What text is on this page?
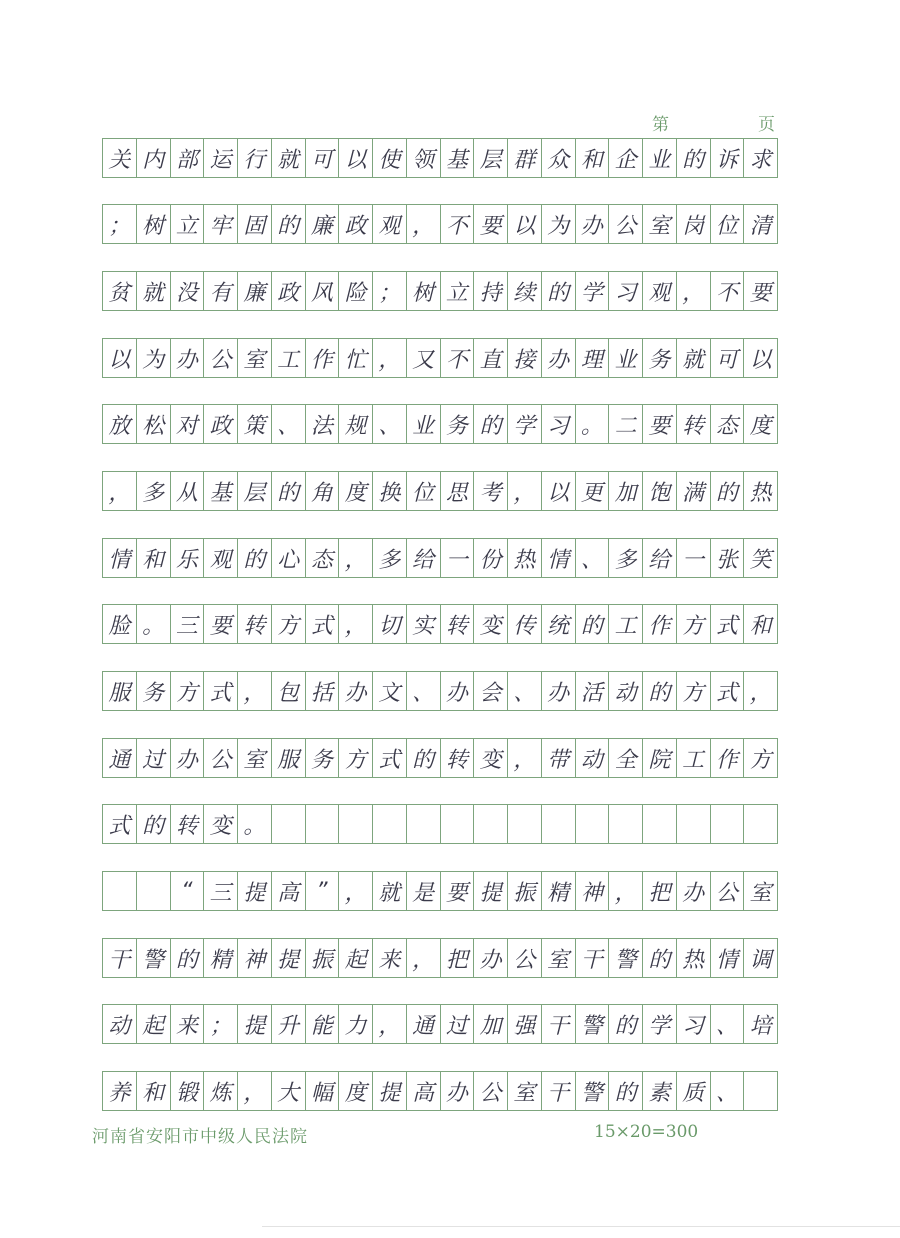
第	页
关 内 部 运 行 就 可 以 使 领 基 层 群 众 和 企 业 的 诉 求
； 树 立 牢 固 的 廉 政 观 ， 不 要 以 为 办 公 室 岗 位 清
贫 就 没 有 廉 政 风 险 ； 树 立 持 续 的 学 习 观 ， 不 要
以 为 办 公 室 工 作 忙 ， 又 不 直 接 办 理 业 务 就 可 以
放 松 对 政 策 、 法 规 、 业 务 的 学 习 。 二 要 转 态 度
， 多 从 基 层 的 角 度 换 位 思 考 ， 以 更 加 饱 满 的 热
情 和 乐 观 的 心 态 ， 多 给 一 份 热 情 、 多 给 一 张 笑
脸 。 三 要 转 方 式 ， 切 实 转 变 传 统 的 工 作 方 式 和
服 务 方 式 ， 包 括 办 文 、 办 会 、 办 活 动 的 方 式 ，
通 过 办 公 室 服 务 方 式 的 转 变 ， 带 动 全 院 工 作 方
式 的 转 变 。
“ 三 提 高 ” ， 就 是 要 提 振 精 神 ， 把 办 公 室
干 警 的 精 神 提 振 起 来 ， 把 办 公 室 干 警 的 热 情 调
动 起 来 ； 提 升 能 力 ， 通 过 加 强 干 警 的 学 习 、 培
养 和 锻 炼 ， 大 幅 度 提 高 办 公 室 干 警 的 素 质 、
河南省安阳市中级人民法院	15×20=300
